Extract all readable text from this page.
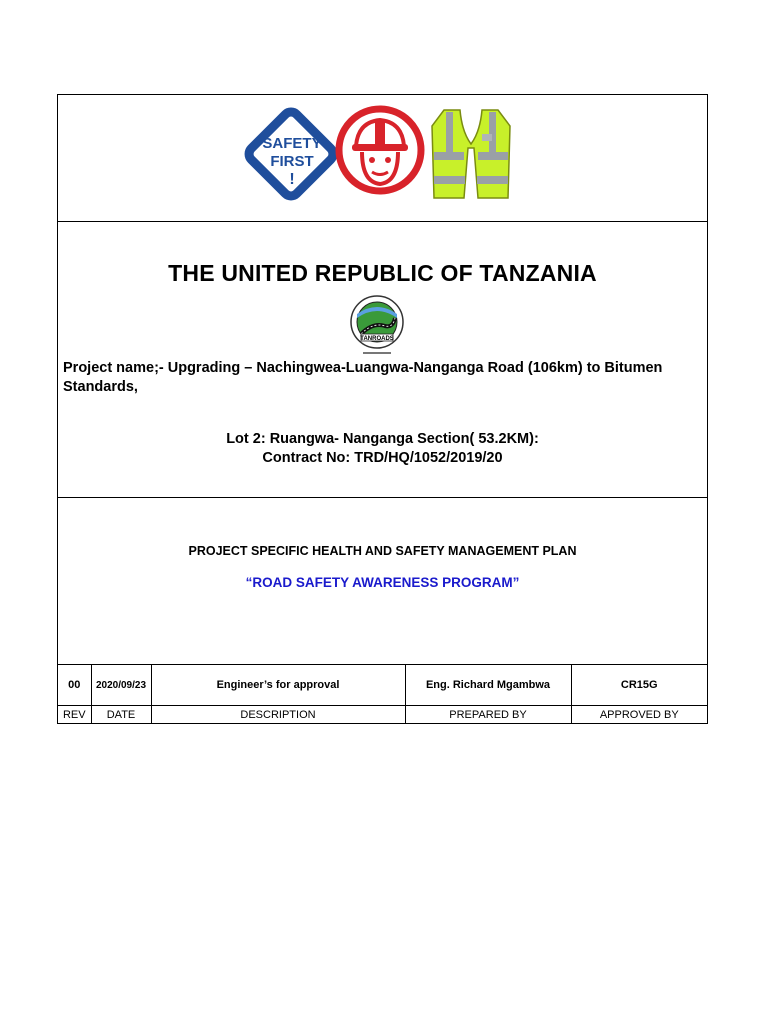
SAFETY
FIRST
!
THE UNITED REPUBLIC OF TANZANIA
TANROADS
Project name;- Upgrading – Nachingwea-Luangwa-Nanganga Road (106km) to Bitumen Standards,
Lot 2: Ruangwa- Nanganga Section( 53.2KM):
Contract No: TRD/HQ/1052/2019/20
PROJECT SPECIFIC HEALTH AND SAFETY MANAGEMENT PLAN
“ROAD SAFETY AWARENESS PROGRAM”
00	2020/09/23	Engineer’s for approval	Eng. Richard Mgambwa	CR15G
REV	DATE	DESCRIPTION	PREPARED BY	APPROVED BY
